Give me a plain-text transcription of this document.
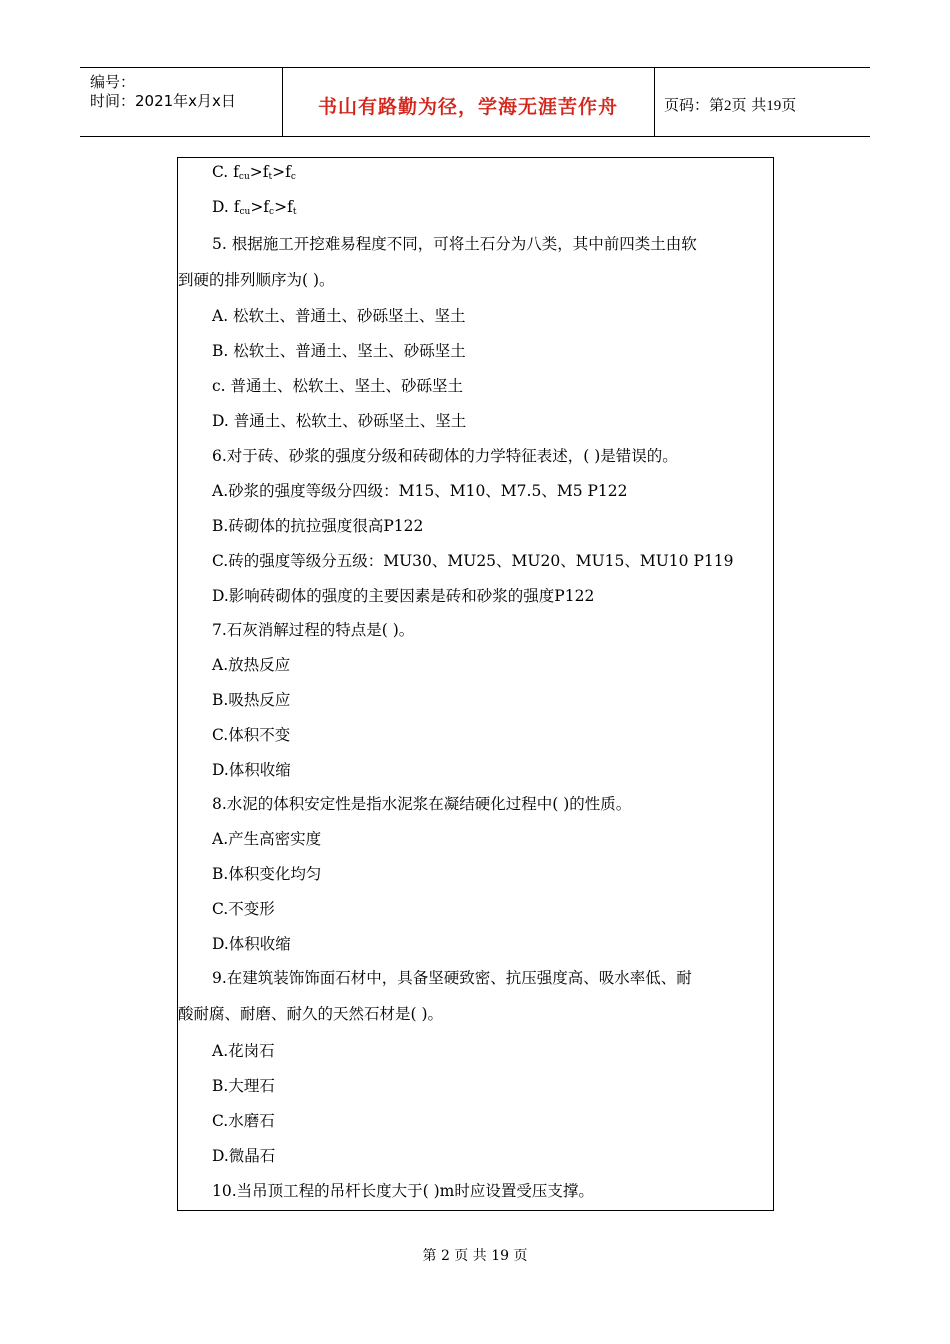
编号：
时间：2021年x月x日	书山有路勤为径，学海无涯苦作舟	页码：第2页 共19页
C. $f_{cu}>f_t>f_c$
D. $f_{cu}>f_c>f_t$
5. 根据施工开挖难易程度不同，可将土石分为八类，其中前四类土由软
到硬的排列顺序为( )。
A. 松软土、普通土、砂砾坚土、坚土
B. 松软土、普通土、坚土、砂砾坚土
c. 普通土、松软土、坚土、砂砾坚土
D. 普通土、松软土、砂砾坚土、坚土
6.对于砖、砂浆的强度分级和砖砌体的力学特征表述，( )是错误的。
A.砂浆的强度等级分四级：M15、M10、M7.5、M5 P122
B.砖砌体的抗拉强度很高P122
C.砖的强度等级分五级：MU30、MU25、MU20、MU15、MU10 P119
D.影响砖砌体的强度的主要因素是砖和砂浆的强度P122
7.石灰消解过程的特点是( )。
A.放热反应
B.吸热反应
C.体积不变
D.体积收缩
8.水泥的体积安定性是指水泥浆在凝结硬化过程中( )的性质。
A.产生高密实度
B.体积变化均匀
C.不变形
D.体积收缩
9.在建筑装饰饰面石材中，具备坚硬致密、抗压强度高、吸水率低、耐
酸耐腐、耐磨、耐久的天然石材是( )。
A.花岗石
B.大理石
C.水磨石
D.微晶石
10.当吊顶工程的吊杆长度大于( )m时应设置受压支撑。
第 2 页 共 19 页
